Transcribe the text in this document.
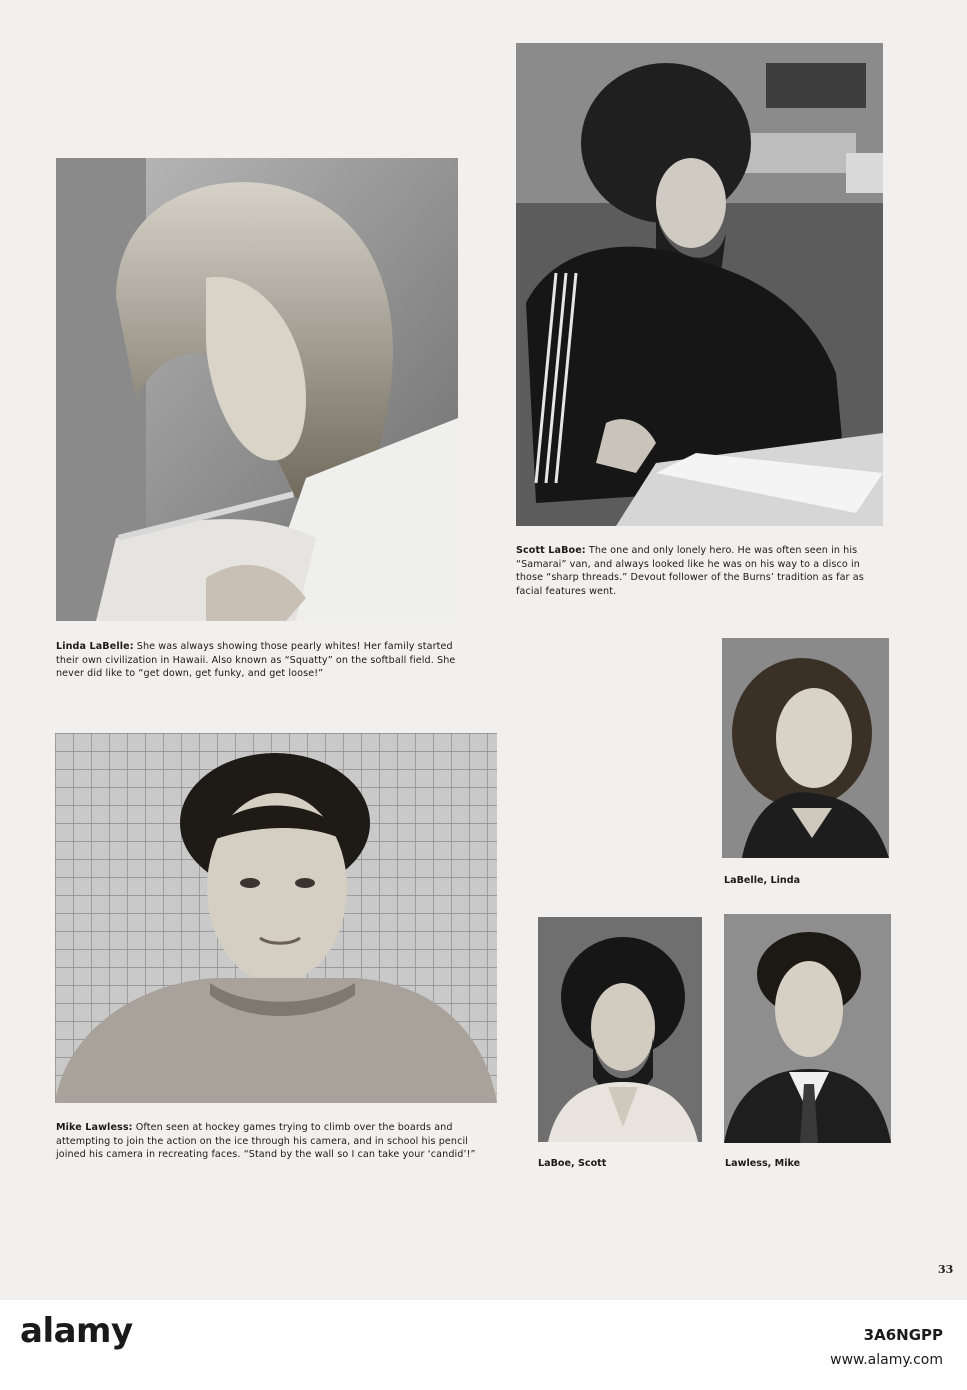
Scott LaBoe: The one and only lonely hero. He was often seen in his “Samarai” van, and always looked like he was on his way to a disco in those “sharp threads.” Devout follower of the Burns’ tradition as far as facial features went.
Linda LaBelle: She was always showing those pearly whites! Her family started their own civilization in Hawaii. Also known as “Squatty” on the softball field. She never did like to “get down, get funky, and get loose!”
LaBelle, Linda
Mike Lawless: Often seen at hockey games trying to climb over the boards and attempting to join the action on the ice through his camera, and in school his pencil joined his camera in recreating faces. “Stand by the wall so I can take your ‘candid’!”
LaBoe, Scott	Lawless, Mike
33
alamy	3A6NGPP
www.alamy.com
